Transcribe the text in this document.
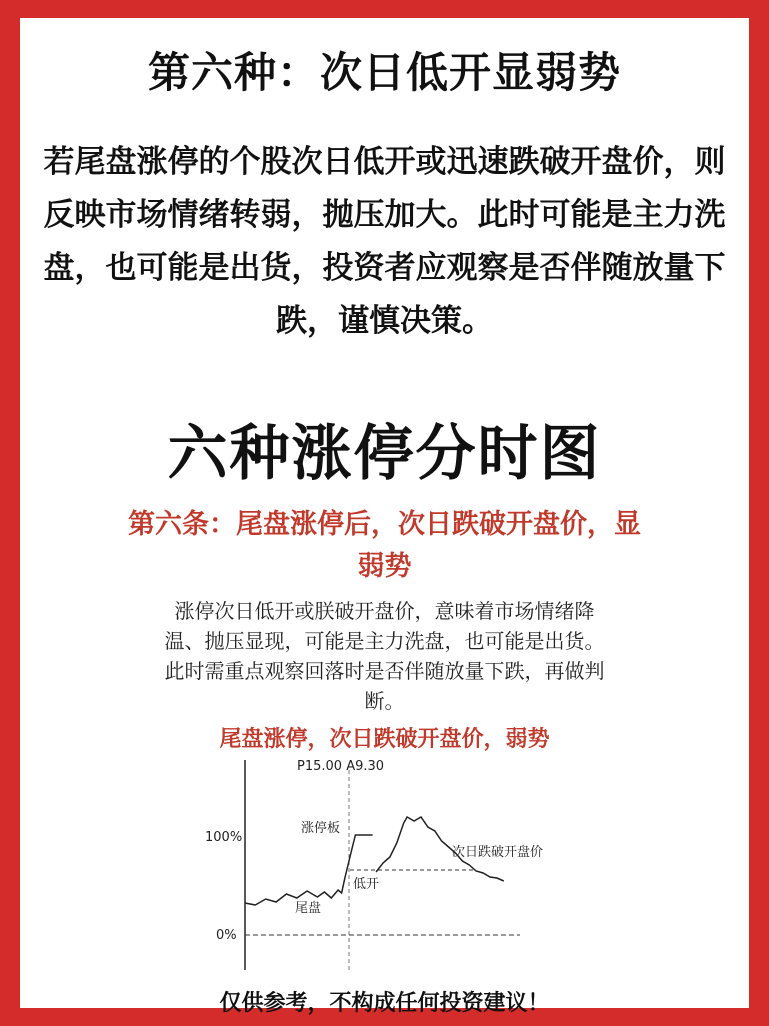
第六种：次日低开显弱势
若尾盘涨停的个股次日低开或迅速跌破开盘价，则反映市场情绪转弱，抛压加大。此时可能是主力洗盘，也可能是出货，投资者应观察是否伴随放量下跌，谨慎决策。
六种涨停分时图
第六条：尾盘涨停后，次日跌破开盘价，显弱势
涨停次日低开或朕破开盘价，意味着市场情绪降温、抛压显现，可能是主力洗盘，也可能是出货。此时需重点观察回落时是否伴随放量下跌，再做判断。
尾盘涨停，次日跌破开盘价，弱势
P15.00 A9.30
100%
0%
涨停板
尾盘
低开
次日跌破开盘价
仅供参考，不构成任何投资建议！
